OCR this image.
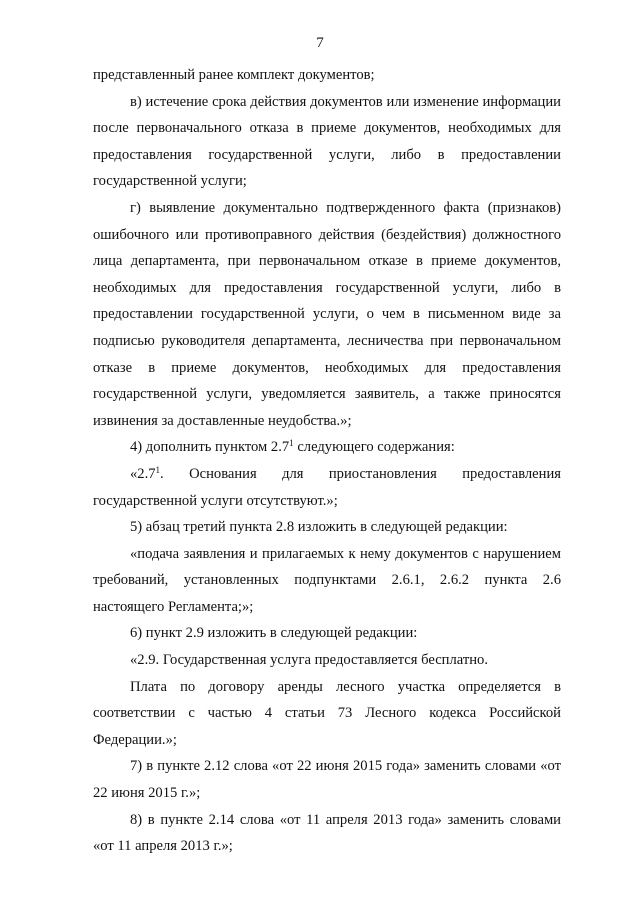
7

представленный ранее комплект документов;

в) истечение срока действия документов или изменение информации после первоначального отказа в приеме документов, необходимых для предоставления государственной услуги, либо в предоставлении государственной услуги;

г) выявление документально подтвержденного факта (признаков) ошибочного или противоправного действия (бездействия) должностного лица департамента, при первоначальном отказе в приеме документов, необходимых для предоставления государственной услуги, либо в предоставлении государственной услуги, о чем в письменном виде за подписью руководителя департамента, лесничества при первоначальном отказе в приеме документов, необходимых для предоставления государственной услуги, уведомляется заявитель, а также приносятся извинения за доставленные неудобства.»;

4) дополнить пунктом $2.7^1$ следующего содержания:

«$2.7^1$. Основания для приостановления предоставления государственной услуги отсутствуют.»;

5) абзац третий пункта 2.8 изложить в следующей редакции:

«подача заявления и прилагаемых к нему документов с нарушением требований, установленных подпунктами 2.6.1, 2.6.2 пункта 2.6 настоящего Регламента;»;

6) пункт 2.9 изложить в следующей редакции:

«2.9. Государственная услуга предоставляется бесплатно.

Плата по договору аренды лесного участка определяется в соответствии с частью 4 статьи 73 Лесного кодекса Российской Федерации.»;

7) в пункте 2.12 слова «от 22 июня 2015 года» заменить словами «от 22 июня 2015 г.»;

8) в пункте 2.14 слова «от 11 апреля 2013 года» заменить словами «от 11 апреля 2013 г.»;
